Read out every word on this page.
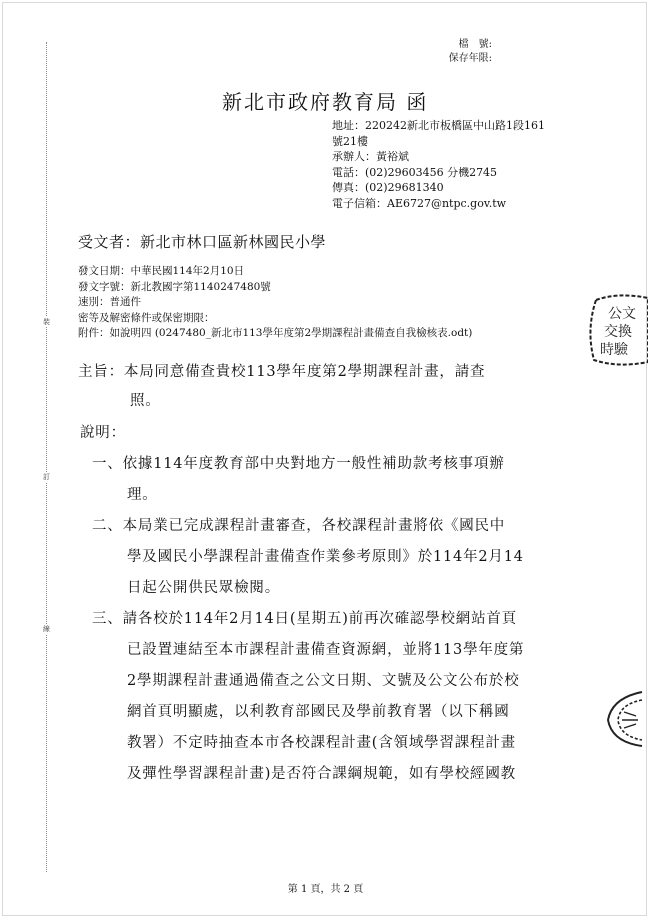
裝
訂
線
檔　號:
保存年限:
新北市政府教育局 函
地址：220242新北市板橋區中山路1段161
號21樓
承辦人：黃裕斌
電話：(02)29603456 分機2745
傳真：(02)29681340
電子信箱：AE6727@ntpc.gov.tw
受文者：新北市林口區新林國民小學
發文日期：中華民國114年2月10日
發文字號：新北教國字第1140247480號
速別：普通件
密等及解密條件或保密期限：
附件：如說明四 (0247480_新北市113學年度第2學期課程計畫備查自我檢核表.odt)
主旨：本局同意備查貴校113學年度第2學期課程計畫，請查
照。
說明：
一、依據114年度教育部中央對地方一般性補助款考核事項辦
理。
二、本局業已完成課程計畫審查，各校課程計畫將依《國民中
學及國民小學課程計畫備查作業參考原則》於114年2月14
日起公開供民眾檢閱。
三、請各校於114年2月14日(星期五)前再次確認學校網站首頁
已設置連結至本市課程計畫備查資源網，並將113學年度第
2學期課程計畫通過備查之公文日期、文號及公文公布於校
網首頁明顯處，以利教育部國民及學前教育署（以下稱國
教署）不定時抽查本市各校課程計畫(含領域學習課程計畫
及彈性學習課程計畫)是否符合課綱規範，如有學校經國教
公文
交換
時驗
第 1 頁，共 2 頁
